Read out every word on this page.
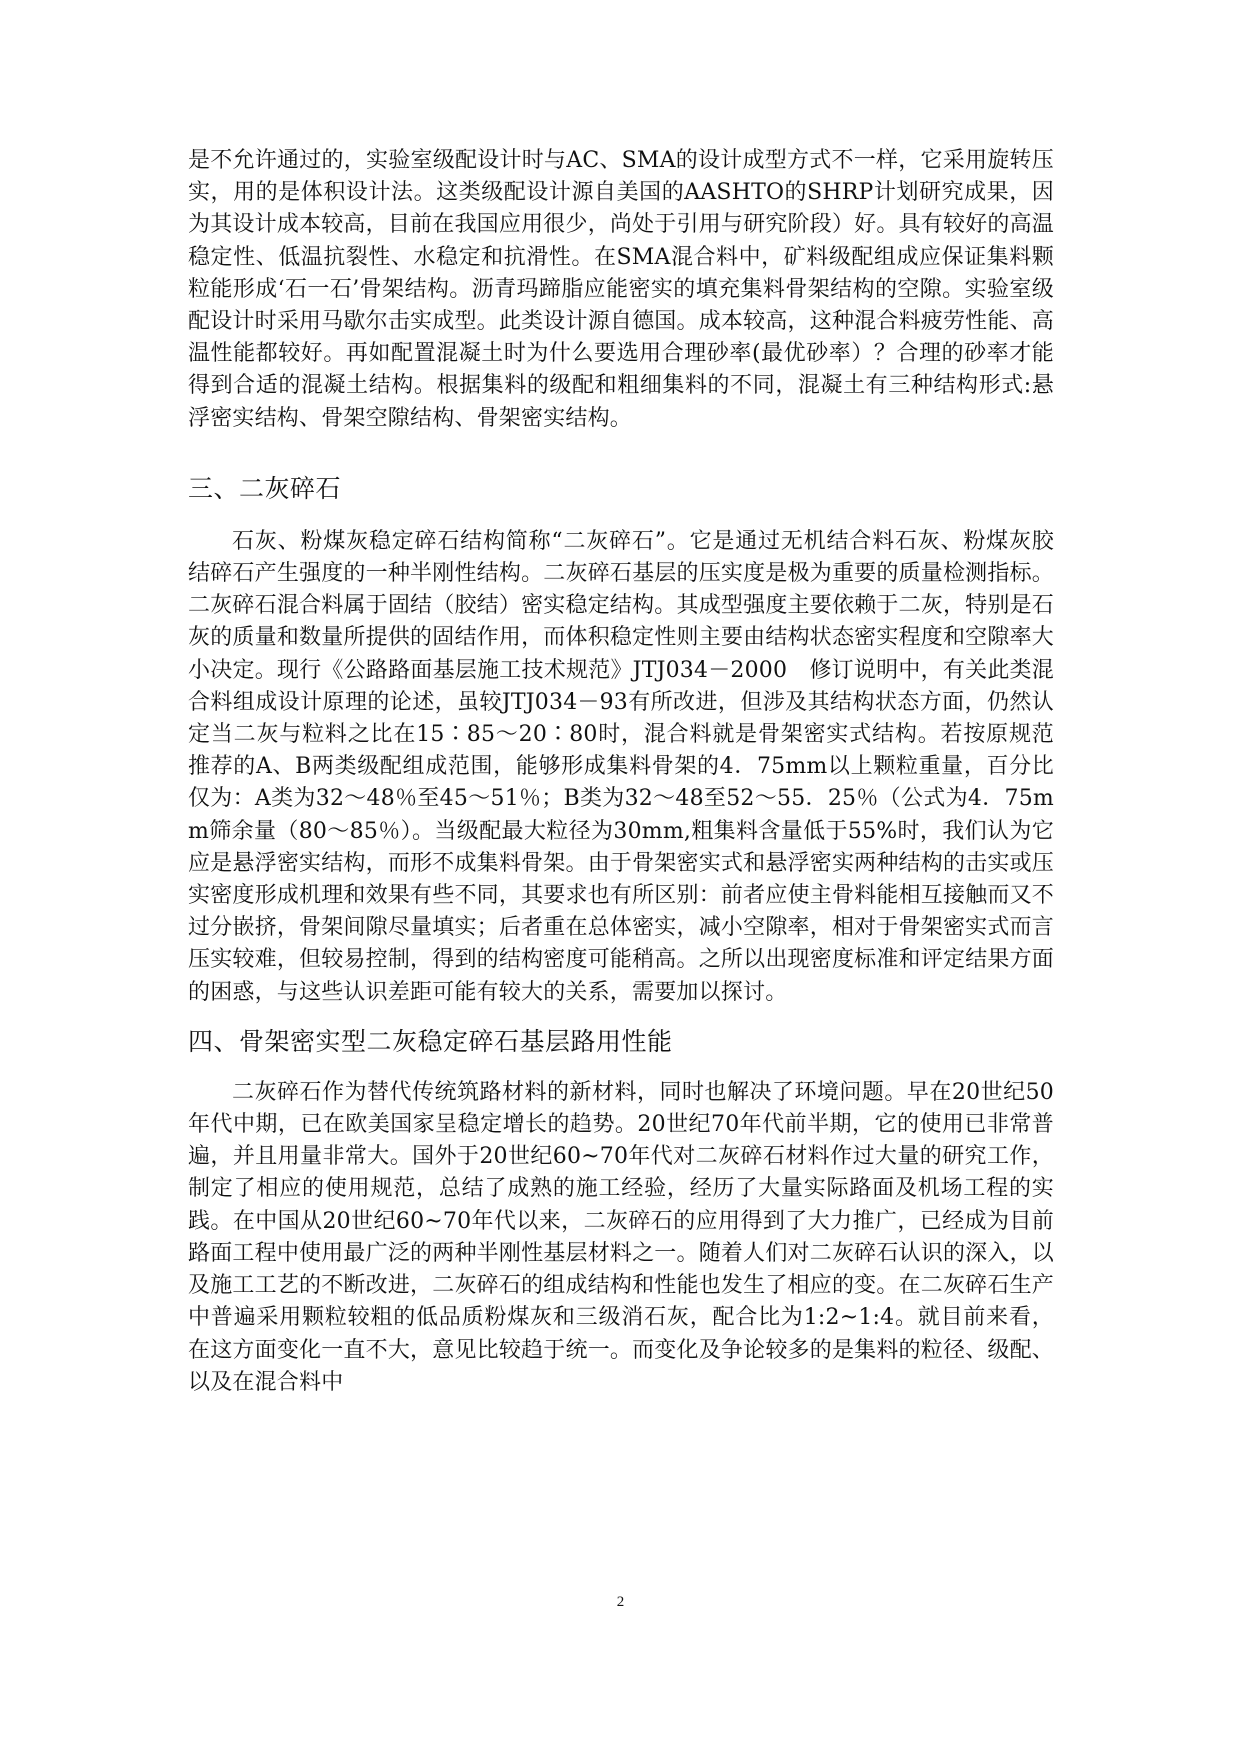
是不允许通过的，实验室级配设计时与AC、SMA的设计成型方式不一样，它采用旋转压实，用的是体积设计法。这类级配设计源自美国的AASHTO的SHRP计划研究成果，因为其设计成本较高，目前在我国应用很少，尚处于引用与研究阶段）好。具有较好的高温稳定性、低温抗裂性、水稳定和抗滑性。在SMA混合料中，矿料级配组成应保证集料颗粒能形成‘石一石’骨架结构。沥青玛蹄脂应能密实的填充集料骨架结构的空隙。实验室级配设计时采用马歇尔击实成型。此类设计源自德国。成本较高，这种混合料疲劳性能、高温性能都较好。再如配置混凝土时为什么要选用合理砂率(最优砂率）？合理的砂率才能得到合适的混凝土结构。根据集料的级配和粗细集料的不同，混凝土有三种结构形式:悬浮密实结构、骨架空隙结构、骨架密实结构。

三、二灰碎石

石灰、粉煤灰稳定碎石结构简称“二灰碎石”。它是通过无机结合料石灰、粉煤灰胶结碎石产生强度的一种半刚性结构。二灰碎石基层的压实度是极为重要的质量检测指标。二灰碎石混合料属于固结（胶结）密实稳定结构。其成型强度主要依赖于二灰，特别是石灰的质量和数量所提供的固结作用，而体积稳定性则主要由结构状态密实程度和空隙率大小决定。现行《公路路面基层施工技术规范》JTJ034－2000　修订说明中，有关此类混合料组成设计原理的论述，虽较JTJ034－93有所改进，但涉及其结构状态方面，仍然认定当二灰与粒料之比在15∶85～20∶80时，混合料就是骨架密实式结构。若按原规范推荐的A、B两类级配组成范围，能够形成集料骨架的4．75mm以上颗粒重量，百分比仅为：A类为32～48％至45～51％；B类为32～48至52～55．25％（公式为4．75mm筛余量（80～85％）。当级配最大粒径为30mm,粗集料含量低于55%时，我们认为它应是悬浮密实结构，而形不成集料骨架。由于骨架密实式和悬浮密实两种结构的击实或压实密度形成机理和效果有些不同，其要求也有所区别：前者应使主骨料能相互接触而又不过分嵌挤，骨架间隙尽量填实；后者重在总体密实，减小空隙率，相对于骨架密实式而言压实较难，但较易控制，得到的结构密度可能稍高。之所以出现密度标准和评定结果方面的困惑，与这些认识差距可能有较大的关系，需要加以探讨。

四、骨架密实型二灰稳定碎石基层路用性能

二灰碎石作为替代传统筑路材料的新材料，同时也解决了环境问题。早在20世纪50年代中期，已在欧美国家呈稳定增长的趋势。20世纪70年代前半期，它的使用已非常普遍，并且用量非常大。国外于20世纪60~70年代对二灰碎石材料作过大量的研究工作，制定了相应的使用规范，总结了成熟的施工经验，经历了大量实际路面及机场工程的实践。在中国从20世纪60~70年代以来，二灰碎石的应用得到了大力推广，已经成为目前路面工程中使用最广泛的两种半刚性基层材料之一。随着人们对二灰碎石认识的深入，以及施工工艺的不断改进，二灰碎石的组成结构和性能也发生了相应的变。在二灰碎石生产中普遍采用颗粒较粗的低品质粉煤灰和三级消石灰，配合比为1:2~1:4。就目前来看，在这方面变化一直不大，意见比较趋于统一。而变化及争论较多的是集料的粒径、级配、以及在混合料中

2
